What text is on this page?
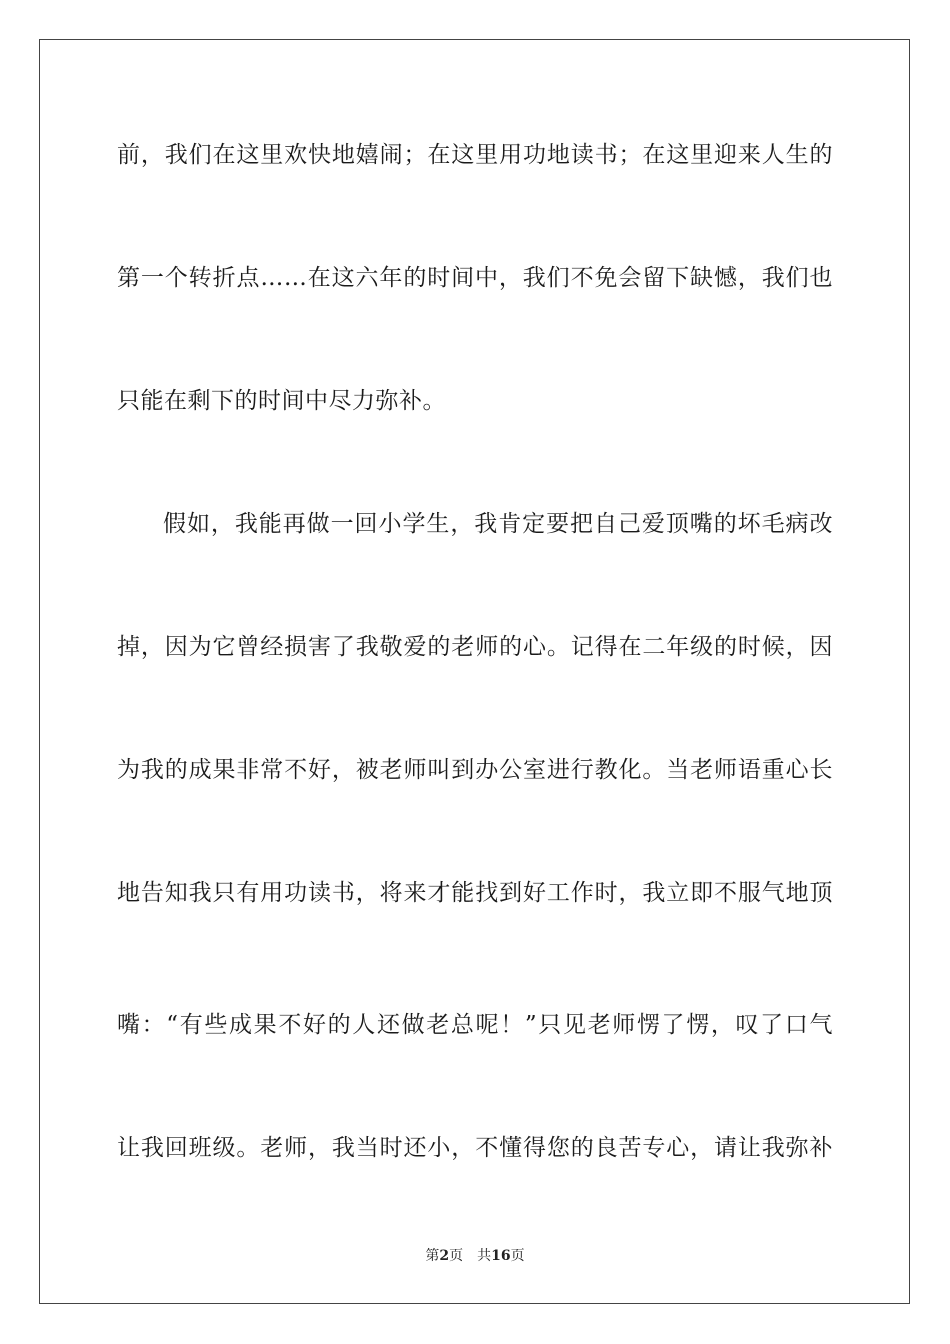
前，我们在这里欢快地嬉闹；在这里用功地读书；在这里迎来人生的
第一个转折点……在这六年的时间中，我们不免会留下缺憾，我们也
只能在剩下的时间中尽力弥补。
假如，我能再做一回小学生，我肯定要把自己爱顶嘴的坏毛病改
掉，因为它曾经损害了我敬爱的老师的心。记得在二年级的时候，因
为我的成果非常不好，被老师叫到办公室进行教化。当老师语重心长
地告知我只有用功读书，将来才能找到好工作时，我立即不服气地顶
嘴：“有些成果不好的人还做老总呢！”只见老师愣了愣，叹了口气
让我回班级。老师，我当时还小，不懂得您的良苦专心，请让我弥补
第2页 共16页
